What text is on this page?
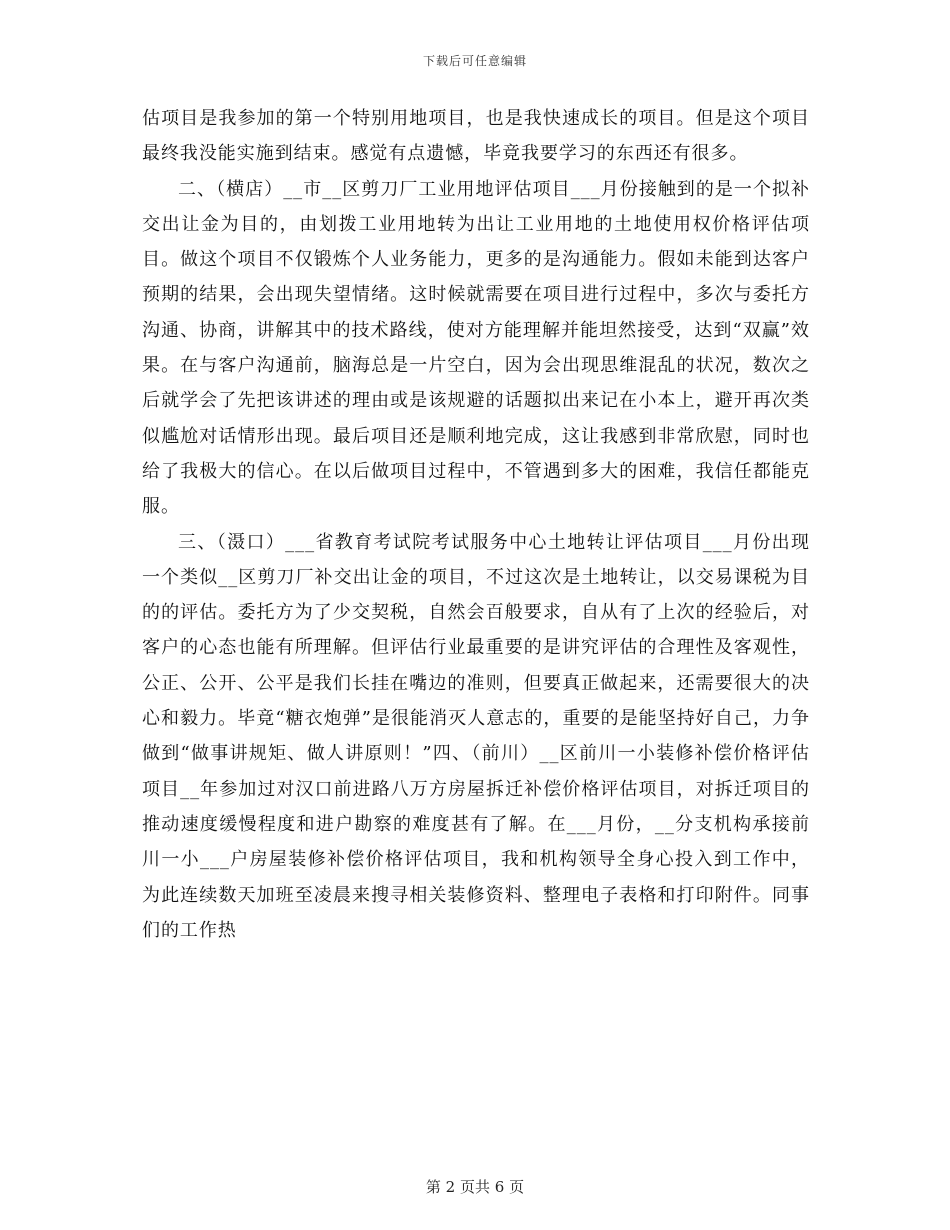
下载后可任意编辑

估项目是我参加的第一个特别用地项目，也是我快速成长的项目。但是这个项目最终我没能实施到结束。感觉有点遗憾，毕竟我要学习的东西还有很多。

二、（横店）__市__区剪刀厂工业用地评估项目___月份接触到的是一个拟补交出让金为目的，由划拨工业用地转为出让工业用地的土地使用权价格评估项目。做这个项目不仅锻炼个人业务能力，更多的是沟通能力。假如未能到达客户预期的结果，会出现失望情绪。这时候就需要在项目进行过程中，多次与委托方沟通、协商，讲解其中的技术路线，使对方能理解并能坦然接受，达到“双赢”效果。在与客户沟通前，脑海总是一片空白，因为会出现思维混乱的状况，数次之后就学会了先把该讲述的理由或是该规避的话题拟出来记在小本上，避开再次类似尴尬对话情形出现。最后项目还是顺利地完成，这让我感到非常欣慰，同时也给了我极大的信心。在以后做项目过程中，不管遇到多大的困难，我信任都能克服。

三、（滠口）___省教育考试院考试服务中心土地转让评估项目___月份出现一个类似__区剪刀厂补交出让金的项目，不过这次是土地转让，以交易课税为目的的评估。委托方为了少交契税，自然会百般要求，自从有了上次的经验后，对客户的心态也能有所理解。但评估行业最重要的是讲究评估的合理性及客观性，公正、公开、公平是我们长挂在嘴边的准则，但要真正做起来，还需要很大的决心和毅力。毕竟“糖衣炮弹”是很能消灭人意志的，重要的是能坚持好自己，力争做到“做事讲规矩、做人讲原则！”四、（前川）__区前川一小装修补偿价格评估项目__年参加过对汉口前进路八万方房屋拆迁补偿价格评估项目，对拆迁项目的推动速度缓慢程度和进户勘察的难度甚有了解。在___月份，__分支机构承接前川一小___户房屋装修补偿价格评估项目，我和机构领导全身心投入到工作中，为此连续数天加班至凌晨来搜寻相关装修资料、整理电子表格和打印附件。同事们的工作热

第 2 页共 6 页
